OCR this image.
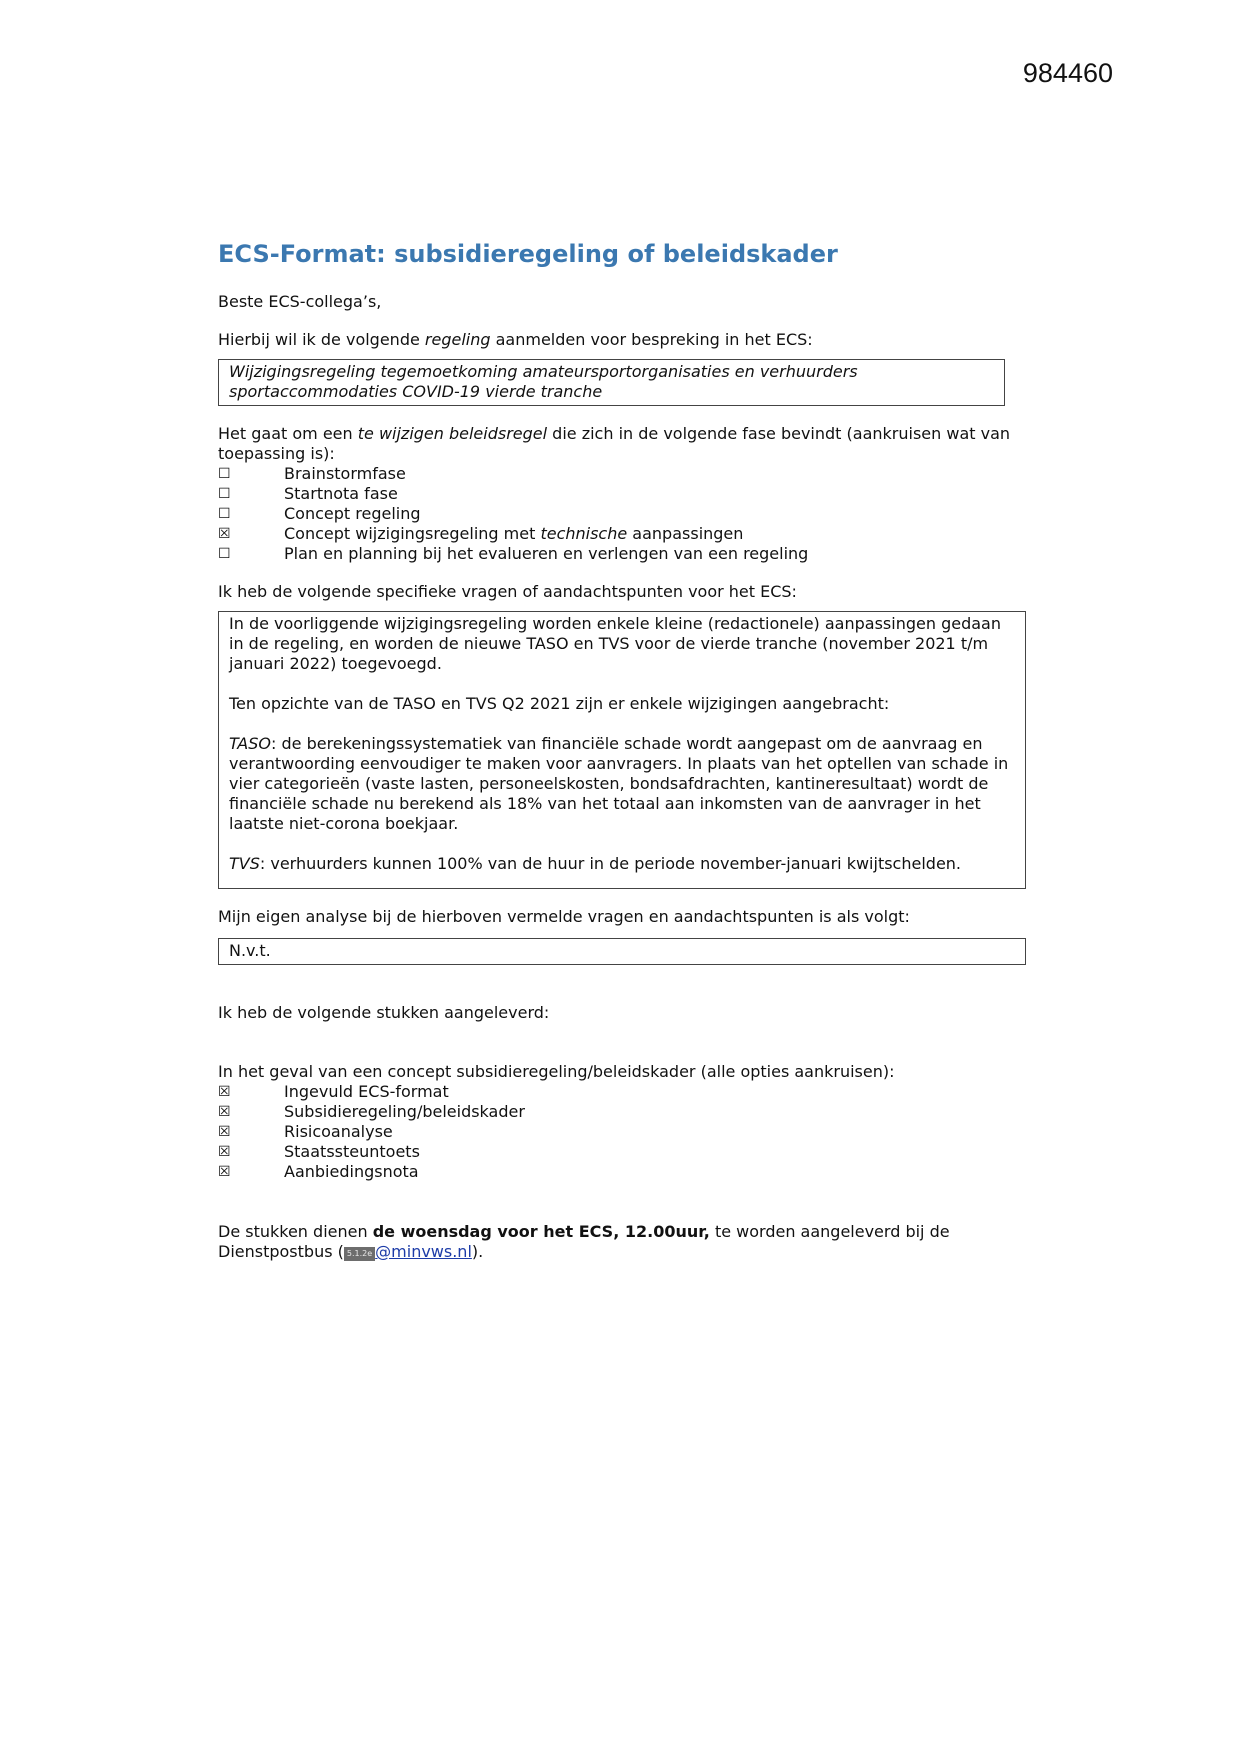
984460
ECS-Format: subsidieregeling of beleidskader

Beste ECS-collega’s,

Hierbij wil ik de volgende regeling aanmelden voor bespreking in het ECS:

Wijzigingsregeling tegemoetkoming amateursportorganisaties en verhuurders sportaccommodaties COVID-19 vierde tranche

Het gaat om een te wijzigen beleidsregel die zich in de volgende fase bevindt (aankruisen wat van toepassing is):

☐	Brainstormfase
☐	Startnota fase
☐	Concept regeling
☒	Concept wijzigingsregeling met technische aanpassingen
☐	Plan en planning bij het evalueren en verlengen van een regeling

Ik heb de volgende specifieke vragen of aandachtspunten voor het ECS:

In de voorliggende wijzigingsregeling worden enkele kleine (redactionele) aanpassingen gedaan in de regeling, en worden de nieuwe TASO en TVS voor de vierde tranche (november 2021 t/m januari 2022) toegevoegd.

Ten opzichte van de TASO en TVS Q2 2021 zijn er enkele wijzigingen aangebracht:

TASO: de berekeningssystematiek van financiële schade wordt aangepast om de aanvraag en verantwoording eenvoudiger te maken voor aanvragers. In plaats van het optellen van schade in vier categorieën (vaste lasten, personeelskosten, bondsafdrachten, kantineresultaat) wordt de financiële schade nu berekend als 18% van het totaal aan inkomsten van de aanvrager in het laatste niet-corona boekjaar.

TVS: verhuurders kunnen 100% van de huur in de periode november-januari kwijtschelden.

Mijn eigen analyse bij de hierboven vermelde vragen en aandachtspunten is als volgt:

N.v.t.

Ik heb de volgende stukken aangeleverd:

In het geval van een concept subsidieregeling/beleidskader (alle opties aankruisen):

☒	Ingevuld ECS-format
☒	Subsidieregeling/beleidskader
☒	Risicoanalyse
☒	Staatssteuntoets
☒	Aanbiedingsnota

De stukken dienen de woensdag voor het ECS, 12.00uur, te worden aangeleverd bij de Dienstpostbus ( 5.1.2e @minvws.nl).
